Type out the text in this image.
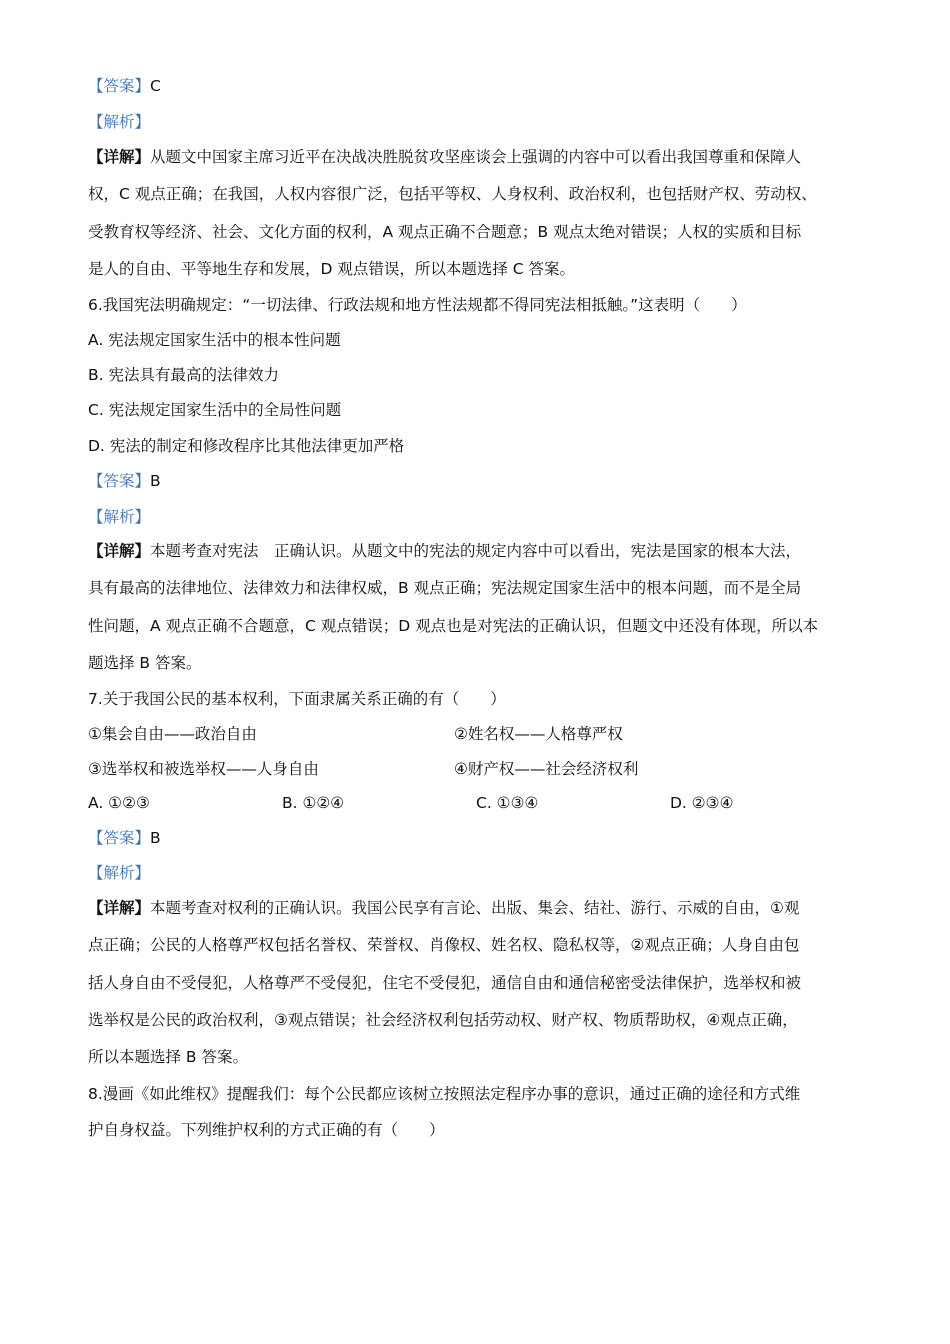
【答案】C
【解析】
【详解】从题文中国家主席习近平在决战决胜脱贫攻坚座谈会上强调的内容中可以看出我国尊重和保障人
权，C 观点正确；在我国，人权内容很广泛，包括平等权、人身权利、政治权利，也包括财产权、劳动权、
受教育权等经济、社会、文化方面的权利，A 观点正确不合题意；B 观点太绝对错误；人权的实质和目标
是人的自由、平等地生存和发展，D 观点错误，所以本题选择 C 答案。
6.我国宪法明确规定：“一切法律、行政法规和地方性法规都不得同宪法相抵触。”这表明（　　）
A. 宪法规定国家生活中的根本性问题
B. 宪法具有最高的法律效力
C. 宪法规定国家生活中的全局性问题
D. 宪法的制定和修改程序比其他法律更加严格
【答案】B
【解析】
【详解】本题考查对宪法　正确认识。从题文中的宪法的规定内容中可以看出，宪法是国家的根本大法，
具有最高的法律地位、法律效力和法律权威，B 观点正确；宪法规定国家生活中的根本问题，而不是全局
性问题，A 观点正确不合题意，C 观点错误；D 观点也是对宪法的正确认识，但题文中还没有体现，所以本
题选择 B 答案。
7.关于我国公民的基本权利，下面隶属关系正确的有（　　）
①集会自由——政治自由	②姓名权——人格尊严权
③选举权和被选举权——人身自由	④财产权——社会经济权利
A. ①②③	B. ①②④	C. ①③④	D. ②③④
【答案】B
【解析】
【详解】本题考查对权利的正确认识。我国公民享有言论、出版、集会、结社、游行、示威的自由，①观
点正确；公民的人格尊严权包括名誉权、荣誉权、肖像权、姓名权、隐私权等，②观点正确；人身自由包
括人身自由不受侵犯，人格尊严不受侵犯，住宅不受侵犯，通信自由和通信秘密受法律保护，选举权和被
选举权是公民的政治权利，③观点错误；社会经济权利包括劳动权、财产权、物质帮助权，④观点正确，
所以本题选择 B 答案。
8.漫画《如此维权》提醒我们：每个公民都应该树立按照法定程序办事的意识，通过正确的途径和方式维
护自身权益。下列维护权利的方式正确的有（　　）
